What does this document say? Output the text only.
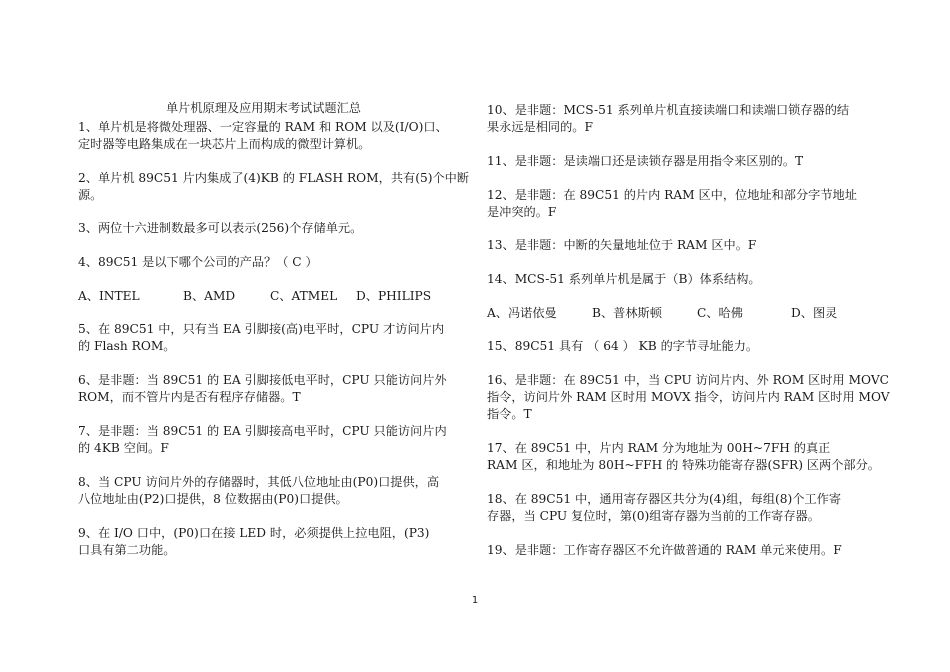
单片机原理及应用期末考试试题汇总
1、单片机是将微处理器、一定容量的 RAM 和 ROM 以及(I/O)口、
定时器等电路集成在一块芯片上而构成的微型计算机。
2、单片机 89C51 片内集成了(4)KB 的 FLASH ROM，共有(5)个中断
源。
3、两位十六进制数最多可以表示(256)个存储单元。
4、89C51 是以下哪个公司的产品？（ C ）
A、INTEL	B、AMD	C、ATMEL D、PHILIPS
5、在 89C51 中，只有当 EA 引脚接(高)电平时，CPU 才访问片内
的 Flash ROM。
6、是非题：当 89C51 的 EA 引脚接低电平时，CPU 只能访问片外
ROM，而不管片内是否有程序存储器。T
7、是非题：当 89C51 的 EA 引脚接高电平时，CPU 只能访问片内
的 4KB 空间。F
8、当 CPU 访问片外的存储器时，其低八位地址由(P0)口提供，高
八位地址由(P2)口提供，8 位数据由(P0)口提供。
9、在 I/O 口中，(P0)口在接 LED 时，必须提供上拉电阻，(P3)
口具有第二功能。
10、是非题：MCS-51 系列单片机直接读端口和读端口锁存器的结
果永远是相同的。F
11、是非题：是读端口还是读锁存器是用指令来区别的。T
12、是非题：在 89C51 的片内 RAM 区中，位地址和部分字节地址
是冲突的。F
13、是非题：中断的矢量地址位于 RAM 区中。F
14、MCS-51 系列单片机是属于（B）体系结构。
A、冯诺依曼	B、普林斯顿	C、哈佛	D、图灵
15、89C51 具有 （ 64 ） KB 的字节寻址能力。
16、是非题：在 89C51 中，当 CPU 访问片内、外 ROM 区时用 MOVC
指令，访问片外 RAM 区时用 MOVX 指令，访问片内 RAM 区时用 MOV
指令。T
17、在 89C51 中，片内 RAM 分为地址为 00H~7FH 的真正
RAM 区，和地址为 80H~FFH 的 特殊功能寄存器(SFR) 区两个部分。
18、在 89C51 中，通用寄存器区共分为(4)组，每组(8)个工作寄
存器，当 CPU 复位时，第(0)组寄存器为当前的工作寄存器。
19、是非题：工作寄存器区不允许做普通的 RAM 单元来使用。F
1
